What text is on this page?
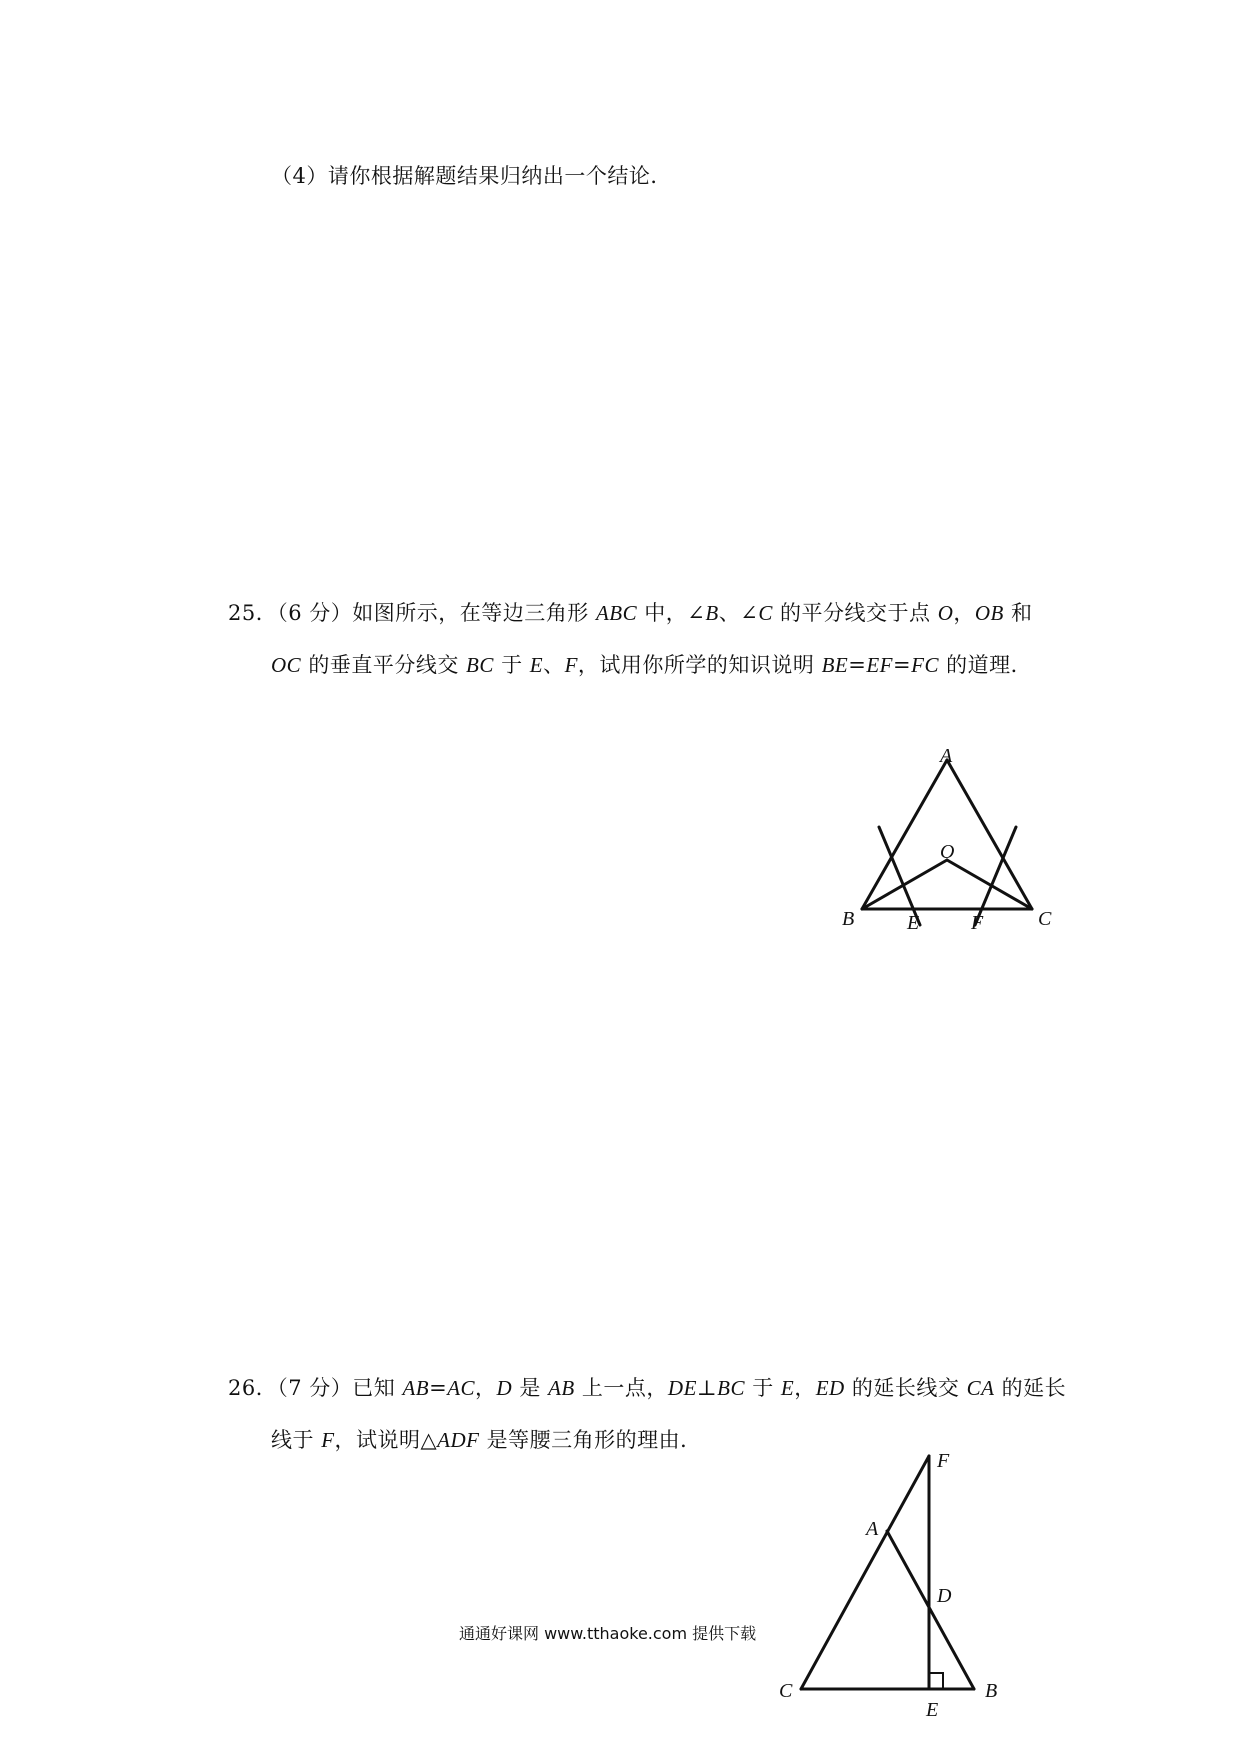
（4）请你根据解题结果归纳出一个结论．
25．（6 分）如图所示，在等边三角形 ABC 中，∠B、∠C 的平分线交于点 O，OB 和
OC 的垂直平分线交 BC 于 E、F，试用你所学的知识说明 BE=EF=FC 的道理．
A
O
B	E	F	C
26．（7 分）已知 AB=AC，D 是 AB 上一点，DE⊥BC 于 E，ED 的延长线交 CA 的延长
线于 F，试说明△ADF 是等腰三角形的理由．
F
A
D
C
E
B
通通好课网 www.tthaoke.com 提供下载
